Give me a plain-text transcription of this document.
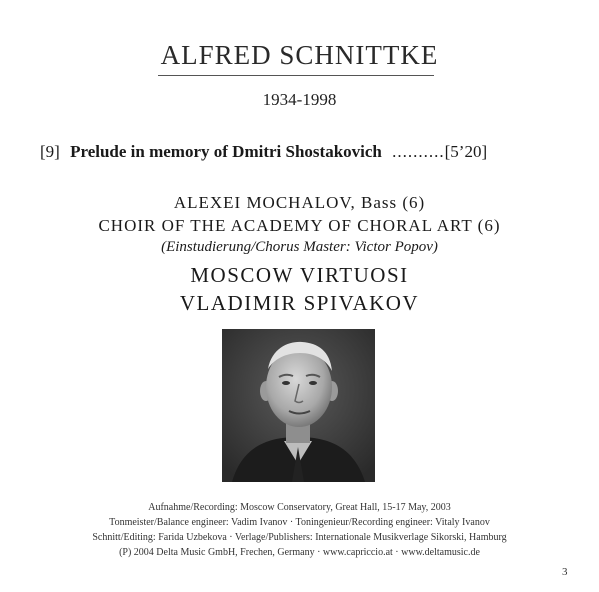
ALFRED SCHNITTKE
1934-1998
[9] Prelude in memory of Dmitri Shostakovich ..........[5’20]
ALEXEI MOCHALOV, Bass (6)
CHOIR OF THE ACADEMY OF CHORAL ART (6)
(Einstudierung/Chorus Master: Victor Popov)
MOSCOW VIRTUOSI
VLADIMIR SPIVAKOV
Aufnahme/Recording: Moscow Conservatory, Great Hall, 15-17 May, 2003
Tonmeister/Balance engineer: Vadim Ivanov · Toningenieur/Recording engineer: Vitaly Ivanov
Schnitt/Editing: Farida Uzbekova · Verlage/Publishers: Internationale Musikverlage Sikorski, Hamburg
(P) 2004 Delta Music GmbH, Frechen, Germany · www.capriccio.at · www.deltamusic.de
3
